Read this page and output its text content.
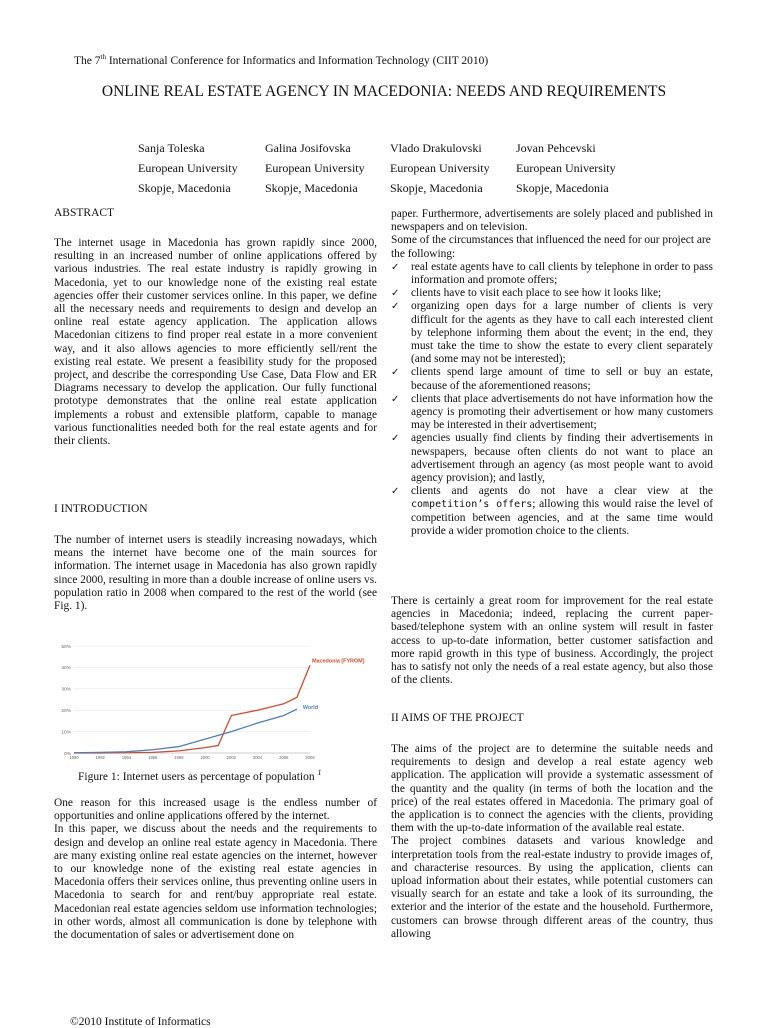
The 7th International Conference for Informatics and Information Technology (CIIT 2010)
ONLINE REAL ESTATE AGENCY IN MACEDONIA: NEEDS AND REQUIREMENTS
Sanja Toleska
European University
Skopje, Macedonia
Galina Josifovska
European University
Skopje, Macedonia
Vlado Drakulovski
European University
Skopje, Macedonia
Jovan Pehcevski
European University
Skopje, Macedonia
ABSTRACT

The internet usage in Macedonia has grown rapidly since 2000, resulting in an increased number of online applications offered by various industries. The real estate industry is rapidly growing in Macedonia, yet to our knowledge none of the existing real estate agencies offer their customer services online. In this paper, we define all the necessary needs and requirements to design and develop an online real estate agency application. The application allows Macedonian citizens to find proper real estate in a more convenient way, and it also allows agencies to more efficiently sell/rent the existing real estate. We present a feasibility study for the proposed project, and describe the corresponding Use Case, Data Flow and ER Diagrams necessary to develop the application. Our fully functional prototype demonstrates that the online real estate application implements a robust and extensible platform, capable to manage various functionalities needed both for the real estate agents and for their clients.

I INTRODUCTION

The number of internet users is steadily increasing nowadays, which means the internet have become one of the main sources for information. The internet usage in Macedonia has also grown rapidly since 2000, resulting in more than a double increase of online users vs. population ratio in 2008 when compared to the rest of the world (see Fig. 1).

0%
10%
20%
30%
40%
50%
1990	1992	1994	1996	1998	2000	2002	2004	2006	2008
Macedonia [FYROM]
World
Figure 1: Internet users as percentage of population $^1$

One reason for this increased usage is the endless number of opportunities and online applications offered by the internet.

In this paper, we discuss about the needs and the requirements to design and develop an online real estate agency in Macedonia. There are many existing online real estate agencies on the internet, however to our knowledge none of the existing real estate agencies in Macedonia offers their services online, thus preventing online users in Macedonia to search for and rent/buy appropriate real estate. Macedonian real estate agencies seldom use information technologies; in other words, almost all communication is done by telephone with the documentation of sales or advertisement done on

paper. Furthermore, advertisements are solely placed and published in newspapers and on television.

Some of the circumstances that influenced the need for our project are the following:

✓ real estate agents have to call clients by telephone in order to pass information and promote offers;
✓ clients have to visit each place to see how it looks like;
✓ organizing open days for a large number of clients is very difficult for the agents as they have to call each interested client by telephone informing them about the event; in the end, they must take the time to show the estate to every client separately (and some may not be interested);
✓ clients spend large amount of time to sell or buy an estate, because of the aforementioned reasons;
✓ clients that place advertisements do not have information how the agency is promoting their advertisement or how many customers may be interested in their advertisement;
✓ agencies usually find clients by finding their advertisements in newspapers, because often clients do not want to place an advertisement through an agency (as most people want to avoid agency provision); and lastly,
✓ clients and agents do not have a clear view at the competition’s offers; allowing this would raise the level of competition between agencies, and at the same time would provide a wider promotion choice to the clients.

There is certainly a great room for improvement for the real estate agencies in Macedonia; indeed, replacing the current paper-based/telephone system with an online system will result in faster access to up-to-date information, better customer satisfaction and more rapid growth in this type of business. Accordingly, the project has to satisfy not only the needs of a real estate agency, but also those of the clients.

II AIMS OF THE PROJECT

The aims of the project are to determine the suitable needs and requirements to design and develop a real estate agency web application. The application will provide a systematic assessment of the quantity and the quality (in terms of both the location and the price) of the real estates offered in Macedonia. The primary goal of the application is to connect the agencies with the clients, providing them with the up-to-date information of the available real estate.

The project combines datasets and various knowledge and interpretation tools from the real-estate industry to provide images of, and characterise resources. By using the application, clients can upload information about their estates, while potential customers can visually search for an estate and take a look of its surrounding, the exterior and the interior of the estate and the household. Furthermore, customers can browse through different areas of the country, thus allowing

©2010 Institute of Informatics
